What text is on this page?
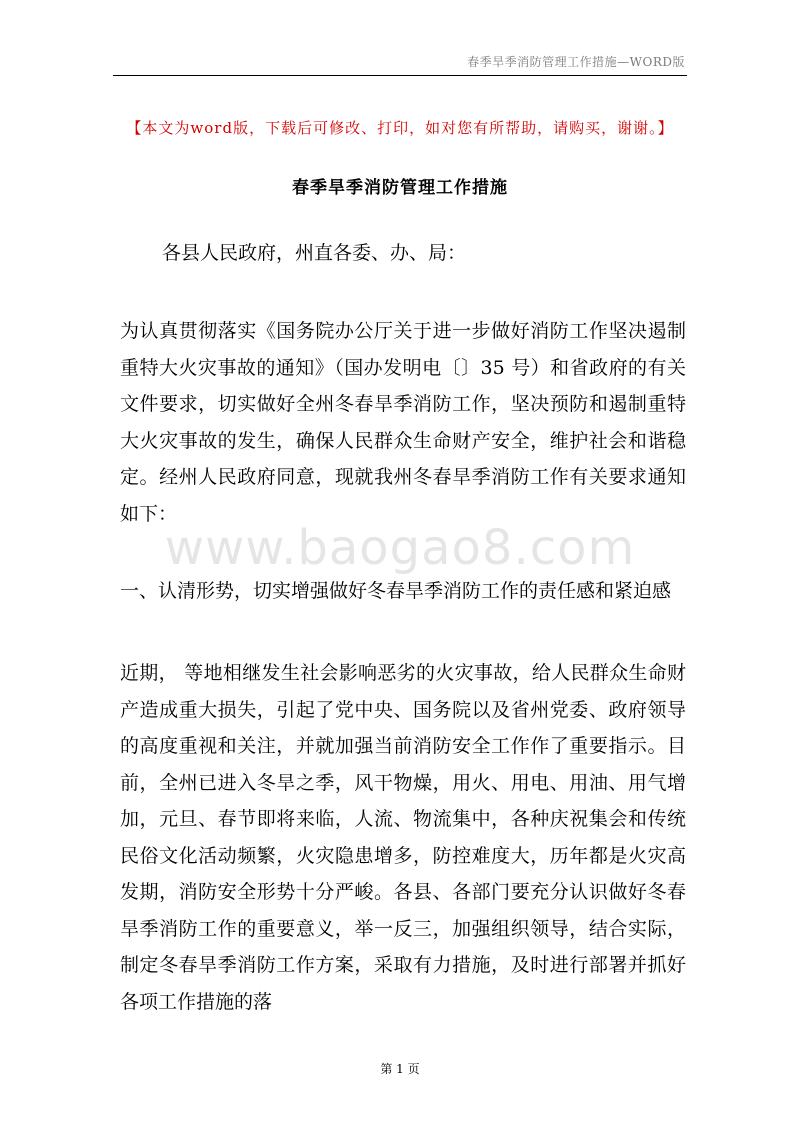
春季旱季消防管理工作措施—WORD版
【本文为word版，下载后可修改、打印，如对您有所帮助，请购买，谢谢。】
春季旱季消防管理工作措施

各县人民政府，州直各委、办、局：

为认真贯彻落实《国务院办公厅关于进一步做好消防工作坚决遏制重特大火灾事故的通知》（国办发明电〔〕35 号）和省政府的有关文件要求，切实做好全州冬春旱季消防工作，坚决预防和遏制重特大火灾事故的发生，确保人民群众生命财产安全，维护社会和谐稳定。经州人民政府同意，现就我州冬春旱季消防工作有关要求通知如下：

www.baogao8.com

一、认清形势，切实增强做好冬春旱季消防工作的责任感和紧迫感

近期， 等地相继发生社会影响恶劣的火灾事故，给人民群众生命财产造成重大损失，引起了党中央、国务院以及省州党委、政府领导的高度重视和关注，并就加强当前消防安全工作作了重要指示。目前，全州已进入冬旱之季，风干物燥，用火、用电、用油、用气增加，元旦、春节即将来临，人流、物流集中，各种庆祝集会和传统民俗文化活动频繁，火灾隐患增多，防控难度大，历年都是火灾高发期，消防安全形势十分严峻。各县、各部门要充分认识做好冬春旱季消防工作的重要意义，举一反三，加强组织领导，结合实际，制定冬春旱季消防工作方案，采取有力措施，及时进行部署并抓好各项工作措施的落

第 1 页
